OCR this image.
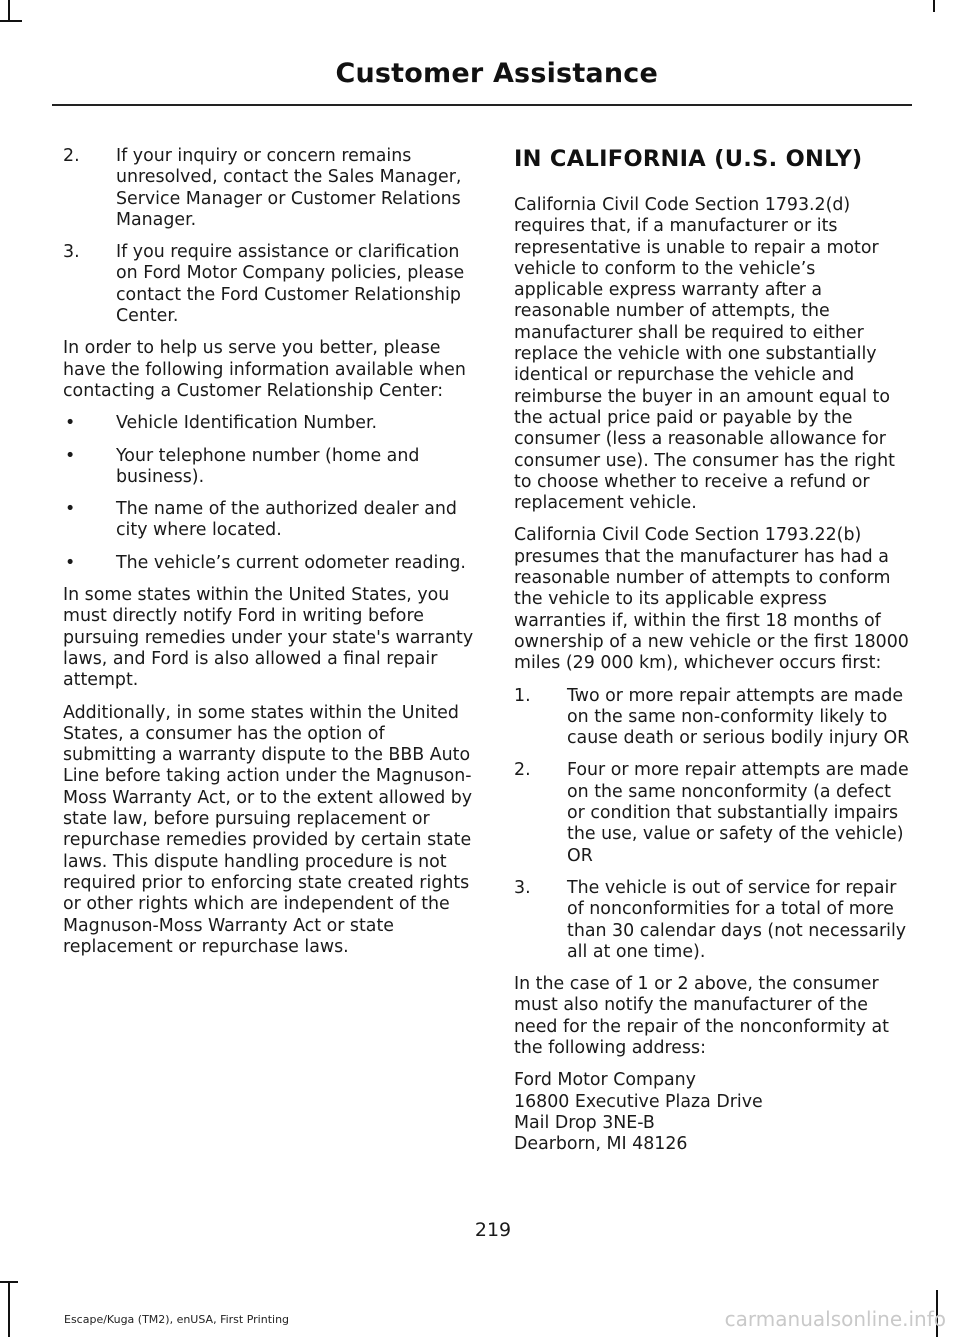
Customer Assistance
2. If your inquiry or concern remains unresolved, contact the Sales Manager, Service Manager or Customer Relations Manager.
3. If you require assistance or clarification on Ford Motor Company policies, please contact the Ford Customer Relationship Center.

In order to help us serve you better, please have the following information available when contacting a Customer Relationship Center:

• Vehicle Identification Number.
• Your telephone number (home and business).
• The name of the authorized dealer and city where located.
• The vehicle’s current odometer reading.

In some states within the United States, you must directly notify Ford in writing before pursuing remedies under your state's warranty laws, and Ford is also allowed a final repair attempt.

Additionally, in some states within the United States, a consumer has the option of submitting a warranty dispute to the BBB Auto Line before taking action under the Magnuson-Moss Warranty Act, or to the extent allowed by state law, before pursuing replacement or repurchase remedies provided by certain state laws. This dispute handling procedure is not required prior to enforcing state created rights or other rights which are independent of the Magnuson-Moss Warranty Act or state replacement or repurchase laws.

IN CALIFORNIA (U.S. ONLY)

California Civil Code Section 1793.2(d) requires that, if a manufacturer or its representative is unable to repair a motor vehicle to conform to the vehicle’s applicable express warranty after a reasonable number of attempts, the manufacturer shall be required to either replace the vehicle with one substantially identical or repurchase the vehicle and reimburse the buyer in an amount equal to the actual price paid or payable by the consumer (less a reasonable allowance for consumer use). The consumer has the right to choose whether to receive a refund or replacement vehicle.

California Civil Code Section 1793.22(b) presumes that the manufacturer has had a reasonable number of attempts to conform the vehicle to its applicable express warranties if, within the first 18 months of ownership of a new vehicle or the first 18000 miles (29 000 km), whichever occurs first:

1. Two or more repair attempts are made on the same non-conformity likely to cause death or serious bodily injury OR
2. Four or more repair attempts are made on the same nonconformity (a defect or condition that substantially impairs the use, value or safety of the vehicle) OR
3. The vehicle is out of service for repair of nonconformities for a total of more than 30 calendar days (not necessarily all at one time).

In the case of 1 or 2 above, the consumer must also notify the manufacturer of the need for the repair of the nonconformity at the following address:

Ford Motor Company
16800 Executive Plaza Drive
Mail Drop 3NE-B
Dearborn, MI 48126
219
Escape/Kuga (TM2), enUSA, First Printing	carmanualsonline.info
